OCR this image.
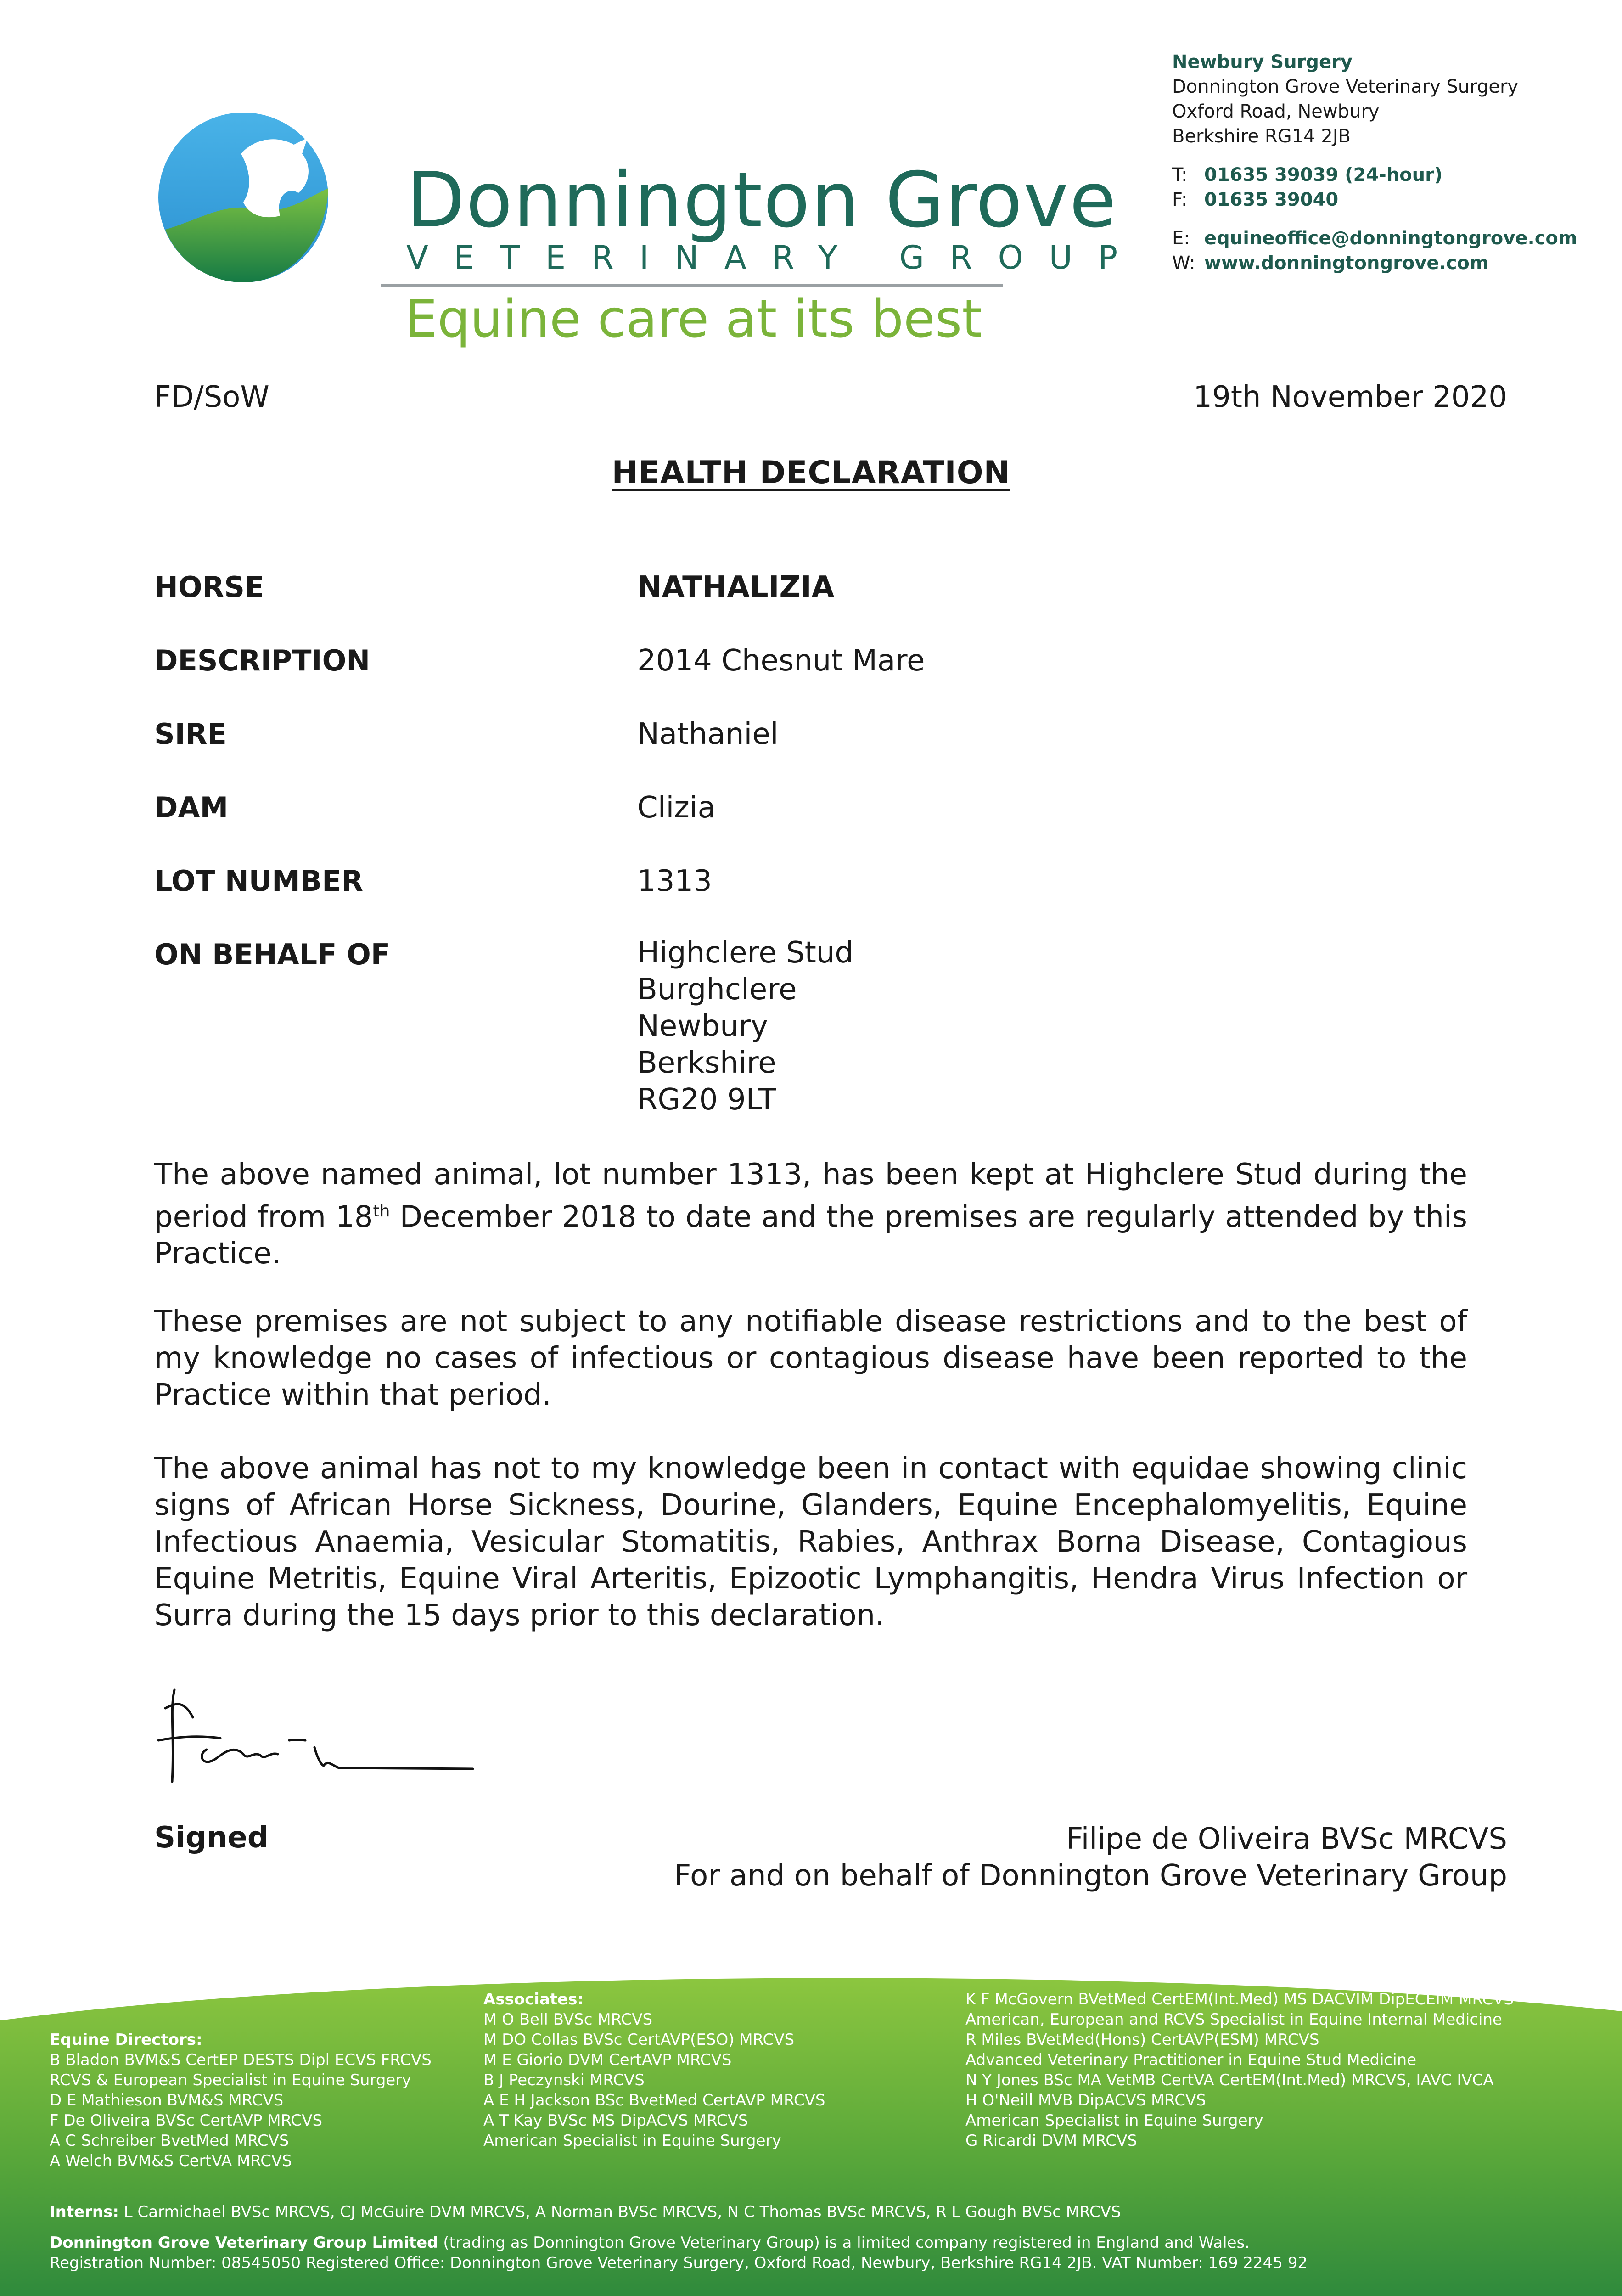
Donnington Grove
VETERINARY GROUP
Equine care at its best
Newbury Surgery
Donnington Grove Veterinary Surgery
Oxford Road, Newbury
Berkshire RG14 2JB
T: 01635 39039 (24-hour)
F: 01635 39040
E: equineoffice@donningtongrove.com
W: www.donningtongrove.com
FD/SoW	19th November 2020
HEALTH DECLARATION
HORSE	NATHALIZIA
DESCRIPTION	2014 Chesnut Mare
SIRE	Nathaniel
DAM	Clizia
LOT NUMBER	1313
ON BEHALF OF	Highclere Stud
Burghclere
Newbury
Berkshire
RG20 9LT
The above named animal, lot number 1313, has been kept at Highclere Stud during the period from 18th December 2018 to date and the premises are regularly attended by this Practice.
These premises are not subject to any notifiable disease restrictions and to the best of my knowledge no cases of infectious or contagious disease have been reported to the Practice within that period.
The above animal has not to my knowledge been in contact with equidae showing clinic signs of African Horse Sickness, Dourine, Glanders, Equine Encephalomyelitis, Equine Infectious Anaemia, Vesicular Stomatitis, Rabies, Anthrax Borna Disease, Contagious Equine Metritis, Equine Viral Arteritis, Epizootic Lymphangitis, Hendra Virus Infection or Surra during the 15 days prior to this declaration.
Signed	Filipe de Oliveira BVSc MRCVS
For and on behalf of Donnington Grove Veterinary Group
Equine Directors:
B Bladon BVM&S CertEP DESTS Dipl ECVS FRCVS
RCVS & European Specialist in Equine Surgery
D E Mathieson BVM&S MRCVS
F De Oliveira BVSc CertAVP MRCVS
A C Schreiber BvetMed MRCVS
A Welch BVM&S CertVA MRCVS
Associates:
M O Bell BVSc MRCVS
M DO Collas BVSc CertAVP(ESO) MRCVS
M E Giorio DVM CertAVP MRCVS
B J Peczynski MRCVS
A E H Jackson BSc BvetMed CertAVP MRCVS
A T Kay BVSc MS DipACVS MRCVS
American Specialist in Equine Surgery
K F McGovern BVetMed CertEM(Int.Med) MS DACVIM DipECEIM MRCVS
American, European and RCVS Specialist in Equine Internal Medicine
R Miles BVetMed(Hons) CertAVP(ESM) MRCVS
Advanced Veterinary Practitioner in Equine Stud Medicine
N Y Jones BSc MA VetMB CertVA CertEM(Int.Med) MRCVS, IAVC IVCA
H O'Neill MVB DipACVS MRCVS
American Specialist in Equine Surgery
G Ricardi DVM MRCVS
Interns: L Carmichael BVSc MRCVS, CJ McGuire DVM MRCVS, A Norman BVSc MRCVS, N C Thomas BVSc MRCVS, R L Gough BVSc MRCVS
Donnington Grove Veterinary Group Limited (trading as Donnington Grove Veterinary Group) is a limited company registered in England and Wales.
Registration Number: 08545050 Registered Office: Donnington Grove Veterinary Surgery, Oxford Road, Newbury, Berkshire RG14 2JB. VAT Number: 169 2245 92
